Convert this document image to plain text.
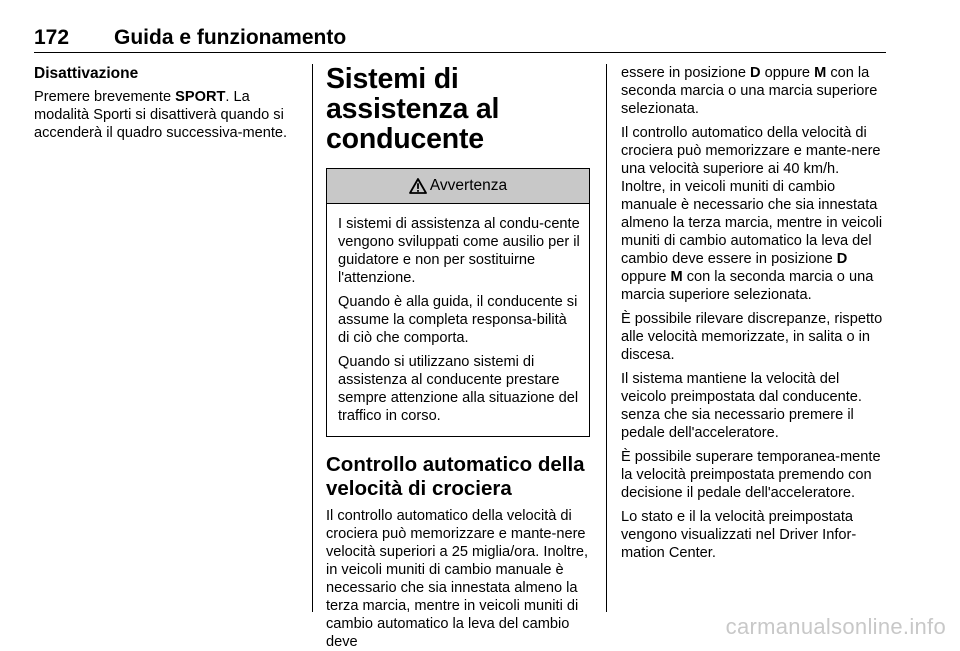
172 Guida e funzionamento

Disattivazione

Premere brevemente SPORT. La modalità Sporti si disattiverà quando si accenderà il quadro successiva-mente.

Sistemi di assistenza al conducente

Avvertenza

I sistemi di assistenza al condu-cente vengono sviluppati come ausilio per il guidatore e non per sostituirne l'attenzione.

Quando è alla guida, il conducente si assume la completa responsa-bilità di ciò che comporta.

Quando si utilizzano sistemi di assistenza al conducente prestare sempre attenzione alla situazione del traffico in corso.

Controllo automatico della velocità di crociera

Il controllo automatico della velocità di crociera può memorizzare e mante-nere velocità superiori a 25 miglia/ora. Inoltre, in veicoli muniti di cambio manuale è necessario che sia innestata almeno la terza marcia, mentre in veicoli muniti di cambio automatico la leva del cambio deve

essere in posizione D oppure M con la seconda marcia o una marcia superiore selezionata.

Il controllo automatico della velocità di crociera può memorizzare e mante-nere una velocità superiore ai 40 km/h. Inoltre, in veicoli muniti di cambio manuale è necessario che sia innestata almeno la terza marcia, mentre in veicoli muniti di cambio automatico la leva del cambio deve essere in posizione D oppure M con la seconda marcia o una marcia superiore selezionata.

È possibile rilevare discrepanze, rispetto alle velocità memorizzate, in salita o in discesa.

Il sistema mantiene la velocità del veicolo preimpostata dal conducente. senza che sia necessario premere il pedale dell'acceleratore.

È possibile superare temporanea-mente la velocità preimpostata premendo con decisione il pedale dell'acceleratore.

Lo stato e il la velocità preimpostata vengono visualizzati nel Driver Infor-mation Center.

carmanualsonline.info
